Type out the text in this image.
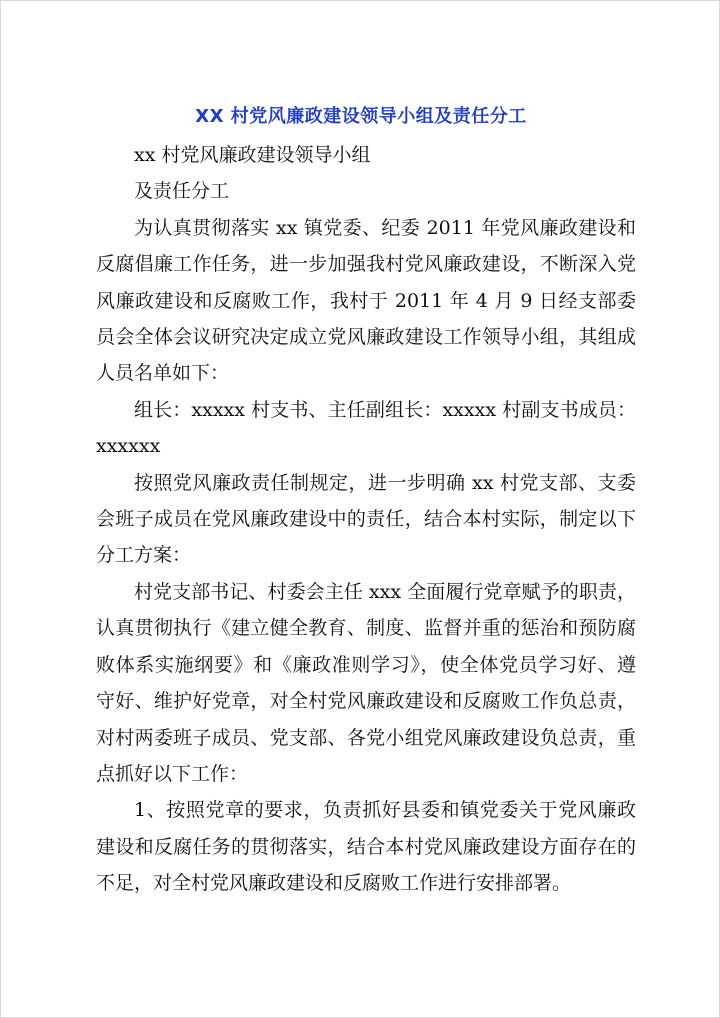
XX 村党风廉政建设领导小组及责任分工

xx 村党风廉政建设领导小组

及责任分工

为认真贯彻落实 xx 镇党委、纪委 2011 年党风廉政建设和反腐倡廉工作任务，进一步加强我村党风廉政建设，不断深入党风廉政建设和反腐败工作，我村于 2011 年 4 月 9 日经支部委员会全体会议研究决定成立党风廉政建设工作领导小组，其组成人员名单如下：

组长：xxxxx 村支书、主任副组长：xxxxx 村副支书成员：xxxxxx

按照党风廉政责任制规定，进一步明确 xx 村党支部、支委会班子成员在党风廉政建设中的责任，结合本村实际，制定以下分工方案：

村党支部书记、村委会主任 xxx 全面履行党章赋予的职责，认真贯彻执行《建立健全教育、制度、监督并重的惩治和预防腐败体系实施纲要》和《廉政准则学习》，使全体党员学习好、遵守好、维护好党章，对全村党风廉政建设和反腐败工作负总责，对村两委班子成员、党支部、各党小组党风廉政建设负总责，重点抓好以下工作：

1、按照党章的要求，负责抓好县委和镇党委关于党风廉政建设和反腐任务的贯彻落实，结合本村党风廉政建设方面存在的不足，对全村党风廉政建设和反腐败工作进行安排部署。
